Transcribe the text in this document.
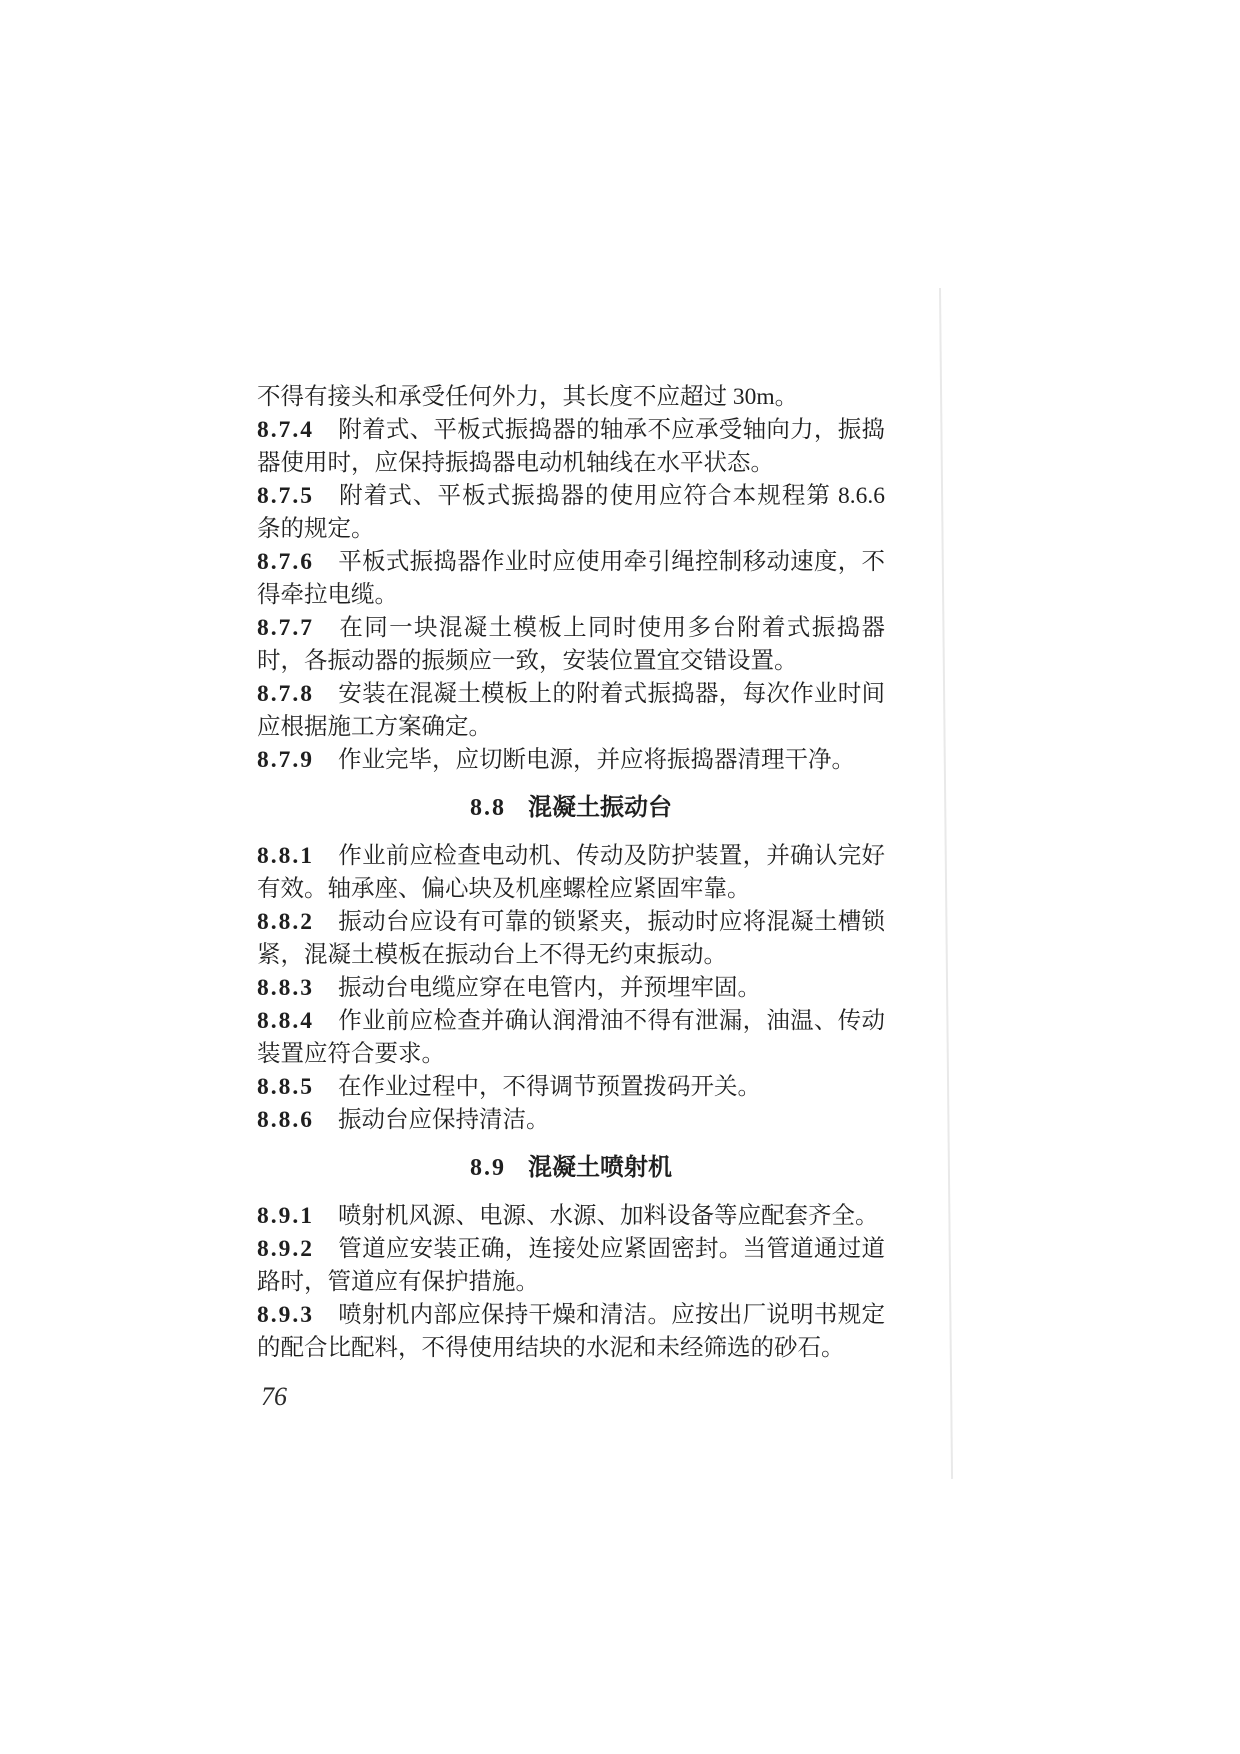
不得有接头和承受任何外力，其长度不应超过 30m。

8.7.4 附着式、平板式振捣器的轴承不应承受轴向力，振捣器使用时，应保持振捣器电动机轴线在水平状态。

8.7.5 附着式、平板式振捣器的使用应符合本规程第 8.6.6 条的规定。

8.7.6 平板式振捣器作业时应使用牵引绳控制移动速度，不得牵拉电缆。

8.7.7 在同一块混凝土模板上同时使用多台附着式振捣器时，各振动器的振频应一致，安装位置宜交错设置。

8.7.8 安装在混凝土模板上的附着式振捣器，每次作业时间应根据施工方案确定。

8.7.9 作业完毕，应切断电源，并应将振捣器清理干净。

8.8 混凝土振动台

8.8.1 作业前应检查电动机、传动及防护装置，并确认完好有效。轴承座、偏心块及机座螺栓应紧固牢靠。

8.8.2 振动台应设有可靠的锁紧夹，振动时应将混凝土槽锁紧，混凝土模板在振动台上不得无约束振动。

8.8.3 振动台电缆应穿在电管内，并预埋牢固。

8.8.4 作业前应检查并确认润滑油不得有泄漏，油温、传动装置应符合要求。

8.8.5 在作业过程中，不得调节预置拨码开关。

8.8.6 振动台应保持清洁。

8.9 混凝土喷射机

8.9.1 喷射机风源、电源、水源、加料设备等应配套齐全。

8.9.2 管道应安装正确，连接处应紧固密封。当管道通过道路时，管道应有保护措施。

8.9.3 喷射机内部应保持干燥和清洁。应按出厂说明书规定的配合比配料，不得使用结块的水泥和未经筛选的砂石。

76
